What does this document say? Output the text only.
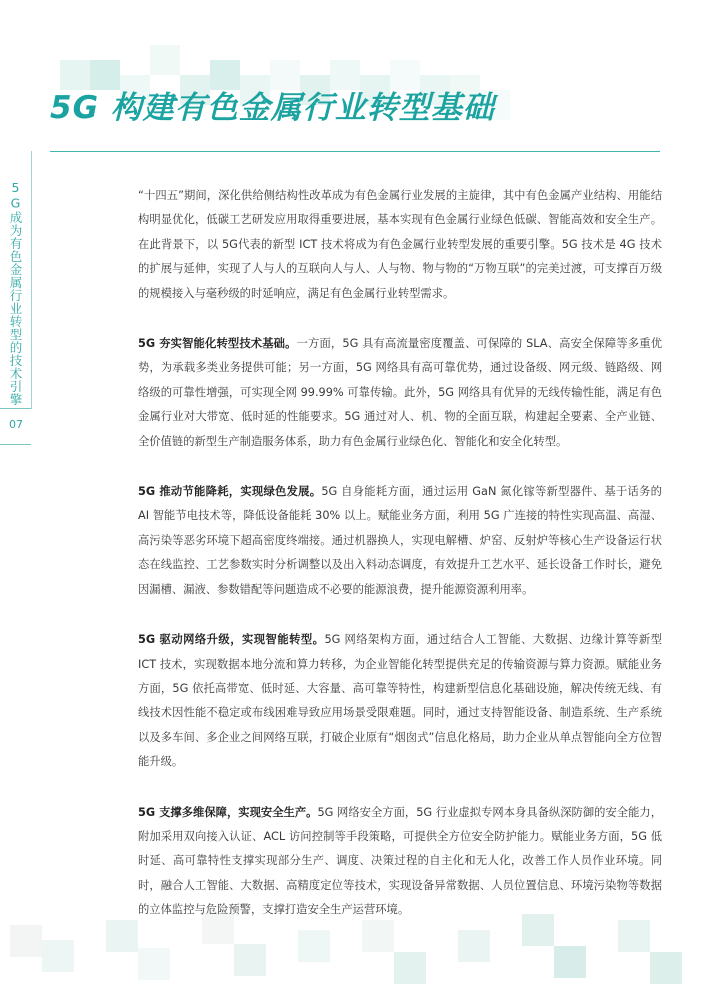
5G 构建有色金属行业转型基础
5G成为有色金属行业转型的技术引擎
07

“十四五”期间，深化供给侧结构性改革成为有色金属行业发展的主旋律，其中有色金属产业结构、用能结构明显优化，低碳工艺研发应用取得重要进展，基本实现有色金属行业绿色低碳、智能高效和安全生产。在此背景下，以 5G代表的新型 ICT 技术将成为有色金属行业转型发展的重要引擎。5G 技术是 4G 技术的扩展与延伸，实现了人与人的互联向人与人、人与物、物与物的“万物互联”的完美过渡，可支撑百万级的规模接入与毫秒级的时延响应，满足有色金属行业转型需求。

5G 夯实智能化转型技术基础。一方面，5G 具有高流量密度覆盖、可保障的 SLA、高安全保障等多重优势，为承载多类业务提供可能；另一方面，5G 网络具有高可靠优势，通过设备级、网元级、链路级、网络级的可靠性增强，可实现全网 99.99% 可靠传输。此外，5G 网络具有优异的无线传输性能，满足有色金属行业对大带宽、低时延的性能要求。5G 通过对人、机、物的全面互联，构建起全要素、全产业链、全价值链的新型生产制造服务体系，助力有色金属行业绿色化、智能化和安全化转型。

5G 推动节能降耗，实现绿色发展。5G 自身能耗方面，通过运用 GaN 氮化镓等新型器件、基于话务的 AI 智能节电技术等，降低设备能耗 30% 以上。赋能业务方面，利用 5G 广连接的特性实现高温、高湿、高污染等恶劣环境下超高密度终端接。通过机器换人，实现电解槽、炉窑、反射炉等核心生产设备运行状态在线监控、工艺参数实时分析调整以及出入料动态调度，有效提升工艺水平、延长设备工作时长，避免因漏槽、漏液、参数错配等问题造成不必要的能源浪费，提升能源资源利用率。

5G 驱动网络升级，实现智能转型。5G 网络架构方面，通过结合人工智能、大数据、边缘计算等新型 ICT 技术，实现数据本地分流和算力转移，为企业智能化转型提供充足的传输资源与算力资源。赋能业务方面，5G 依托高带宽、低时延、大容量、高可靠等特性，构建新型信息化基础设施，解决传统无线、有线技术因性能不稳定或布线困难导致应用场景受限难题。同时，通过支持智能设备、制造系统、生产系统以及多车间、多企业之间网络互联，打破企业原有“烟囱式”信息化格局，助力企业从单点智能向全方位智能升级。

5G 支撑多维保障，实现安全生产。5G 网络安全方面，5G 行业虚拟专网本身具备纵深防御的安全能力，附加采用双向接入认证、ACL 访问控制等手段策略，可提供全方位安全防护能力。赋能业务方面，5G 低时延、高可靠特性支撑实现部分生产、调度、决策过程的自主化和无人化，改善工作人员作业环境。同时，融合人工智能、大数据、高精度定位等技术，实现设备异常数据、人员位置信息、环境污染物等数据的立体监控与危险预警，支撑打造安全生产运营环境。
